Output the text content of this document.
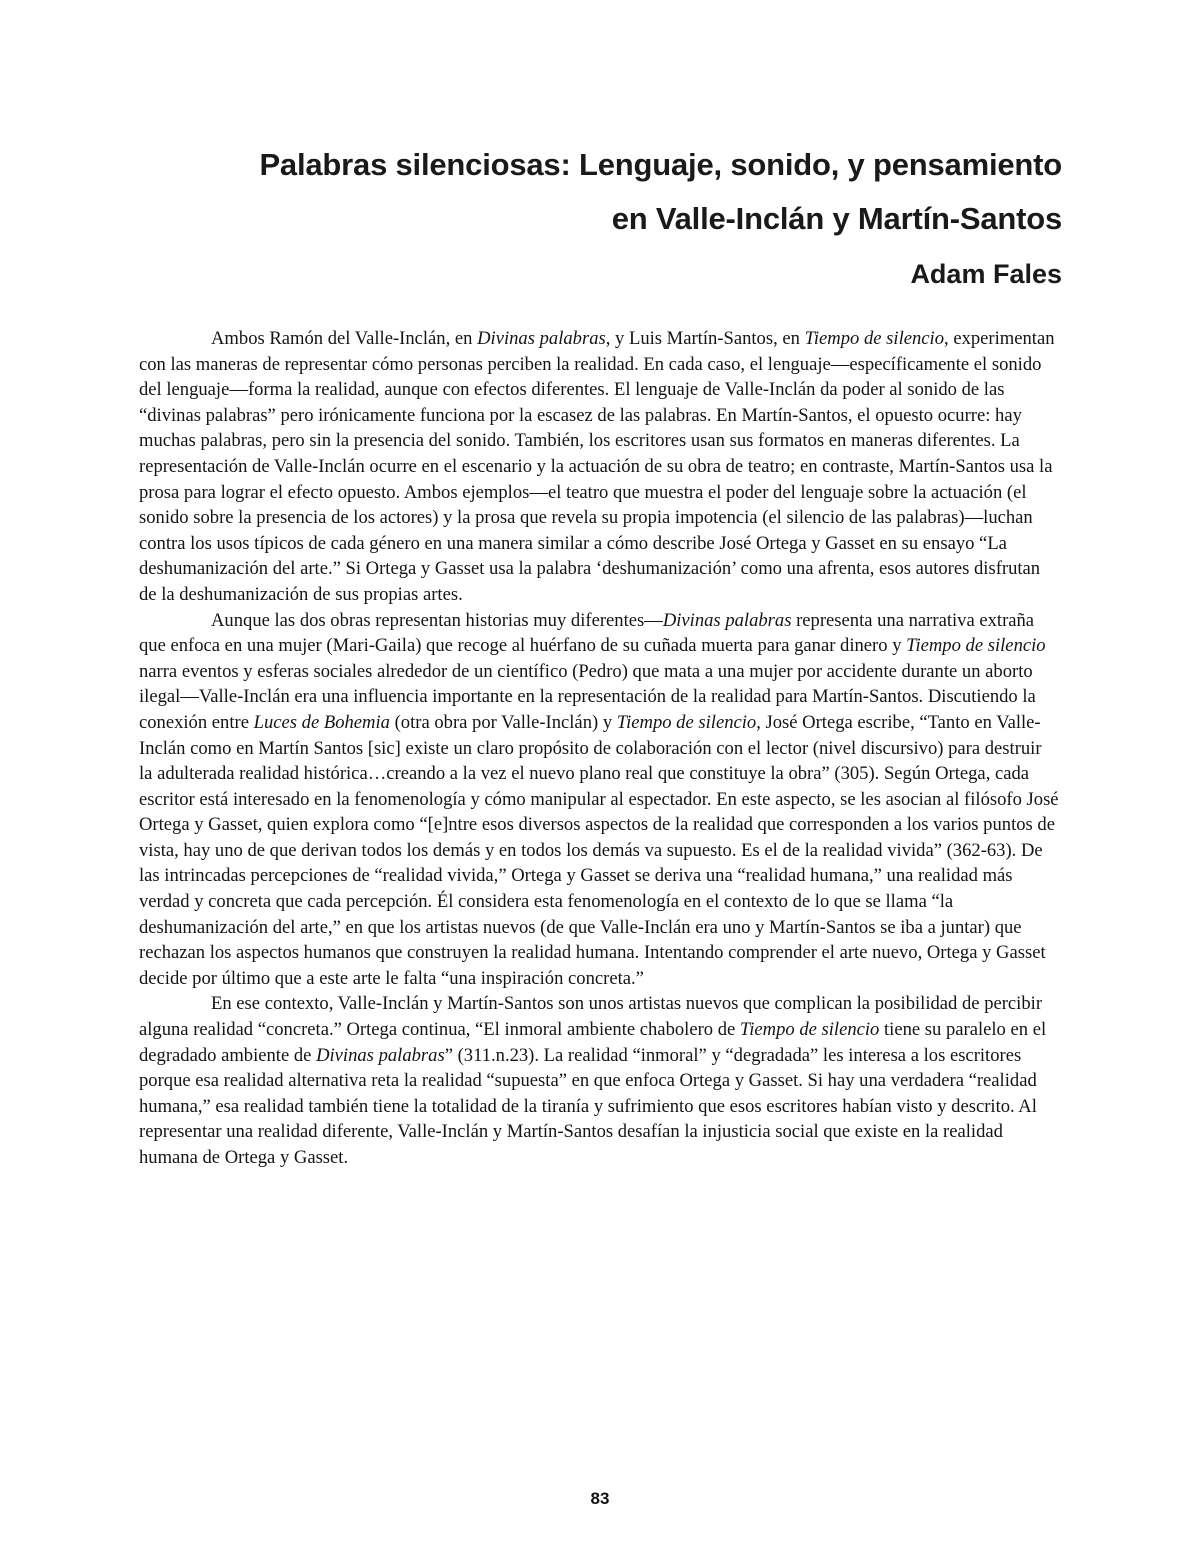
Palabras silenciosas: Lenguaje, sonido, y pensamiento
en Valle-Inclán y Martín-Santos
Adam Fales

Ambos Ramón del Valle-Inclán, en Divinas palabras, y Luis Martín-Santos, en Tiempo de silencio, experimentan con las maneras de representar cómo personas perciben la realidad. En cada caso, el lenguaje—específicamente el sonido del lenguaje—forma la realidad, aunque con efectos diferentes. El lenguaje de Valle-Inclán da poder al sonido de las “divinas palabras” pero irónicamente funciona por la escasez de las palabras. En Martín-Santos, el opuesto ocurre: hay muchas palabras, pero sin la presencia del sonido. También, los escritores usan sus formatos en maneras diferentes. La representación de Valle-Inclán ocurre en el escenario y la actuación de su obra de teatro; en contraste, Martín-Santos usa la prosa para lograr el efecto opuesto. Ambos ejemplos—el teatro que muestra el poder del lenguaje sobre la actuación (el sonido sobre la presencia de los actores) y la prosa que revela su propia impotencia (el silencio de las palabras)—luchan contra los usos típicos de cada género en una manera similar a cómo describe José Ortega y Gasset en su ensayo “La deshumanización del arte.” Si Ortega y Gasset usa la palabra ‘deshumanización’ como una afrenta, esos autores disfrutan de la deshumanización de sus propias artes.

Aunque las dos obras representan historias muy diferentes—Divinas palabras representa una narrativa extraña que enfoca en una mujer (Mari-Gaila) que recoge al huérfano de su cuñada muerta para ganar dinero y Tiempo de silencio narra eventos y esferas sociales alrededor de un científico (Pedro) que mata a una mujer por accidente durante un aborto ilegal—Valle-Inclán era una influencia importante en la representación de la realidad para Martín-Santos. Discutiendo la conexión entre Luces de Bohemia (otra obra por Valle-Inclán) y Tiempo de silencio, José Ortega escribe, “Tanto en Valle-Inclán como en Martín Santos [sic] existe un claro propósito de colaboración con el lector (nivel discursivo) para destruir la adulterada realidad histórica…creando a la vez el nuevo plano real que constituye la obra” (305). Según Ortega, cada escritor está interesado en la fenomenología y cómo manipular al espectador. En este aspecto, se les asocian al filósofo José Ortega y Gasset, quien explora como “[e]ntre esos diversos aspectos de la realidad que corresponden a los varios puntos de vista, hay uno de que derivan todos los demás y en todos los demás va supuesto. Es el de la realidad vivida” (362-63). De las intrincadas percepciones de “realidad vivida,” Ortega y Gasset se deriva una “realidad humana,” una realidad más verdad y concreta que cada percepción. Él considera esta fenomenología en el contexto de lo que se llama “la deshumanización del arte,” en que los artistas nuevos (de que Valle-Inclán era uno y Martín-Santos se iba a juntar) que rechazan los aspectos humanos que construyen la realidad humana. Intentando comprender el arte nuevo, Ortega y Gasset decide por último que a este arte le falta “una inspiración concreta.”

En ese contexto, Valle-Inclán y Martín-Santos son unos artistas nuevos que complican la posibilidad de percibir alguna realidad “concreta.” Ortega continua, “El inmoral ambiente chabolero de Tiempo de silencio tiene su paralelo en el degradado ambiente de Divinas palabras” (311.n.23). La realidad “inmoral” y “degradada” les interesa a los escritores porque esa realidad alternativa reta la realidad “supuesta” en que enfoca Ortega y Gasset. Si hay una verdadera “realidad humana,” esa realidad también tiene la totalidad de la tiranía y sufrimiento que esos escritores habían visto y descrito. Al representar una realidad diferente, Valle-Inclán y Martín-Santos desafían la injusticia social que existe en la realidad humana de Ortega y Gasset.

83
